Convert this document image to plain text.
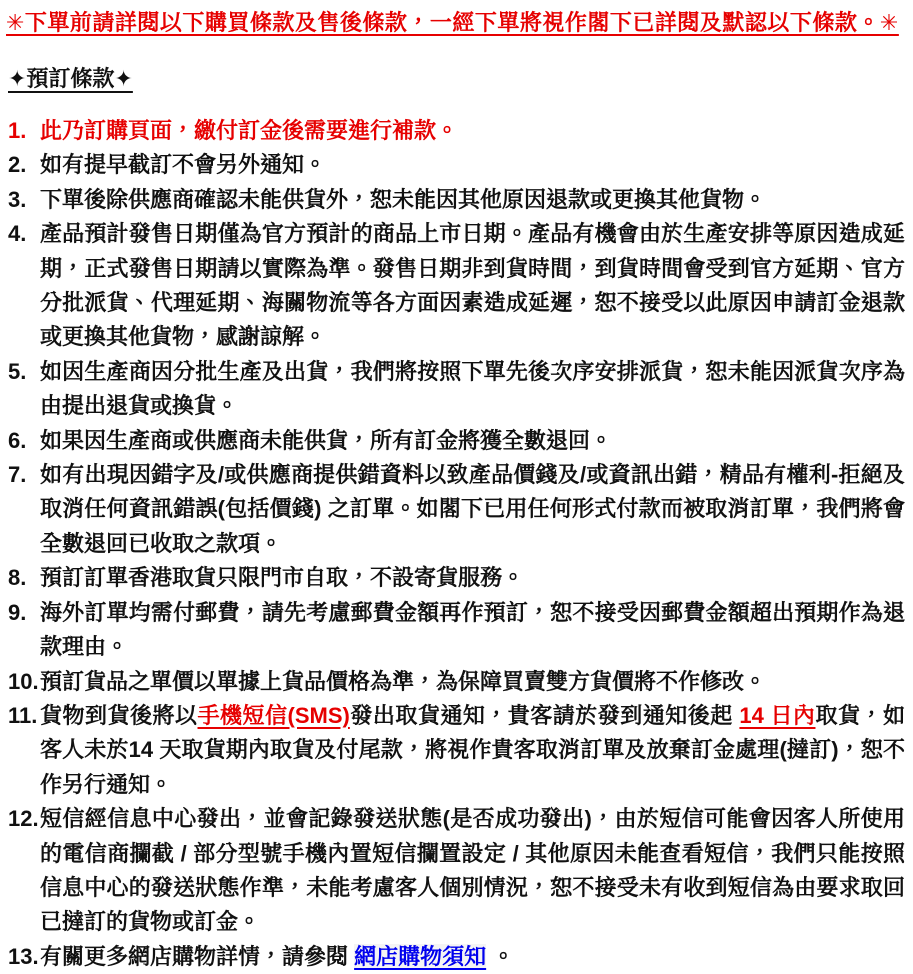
✳下單前請詳閱以下購買條款及售後條款，一經下單將視作閣下已詳閱及默認以下條款。✳
✦預訂條款✦
1. 此乃訂購頁面，繳付訂金後需要進行補款。
2. 如有提早截訂不會另外通知。
3. 下單後除供應商確認未能供貨外，恕未能因其他原因退款或更換其他貨物。
4. 產品預計發售日期僅為官方預計的商品上市日期。產品有機會由於生產安排等原因造成延期，正式發售日期請以實際為準。發售日期非到貨時間，到貨時間會受到官方延期、官方分批派貨、代理延期、海關物流等各方面因素造成延遲，恕不接受以此原因申請訂金退款或更換其他貨物，感謝諒解。
5. 如因生產商因分批生產及出貨，我們將按照下單先後次序安排派貨，恕未能因派貨次序為由提出退貨或換貨。
6. 如果因生產商或供應商未能供貨，所有訂金將獲全數退回。
7. 如有出現因錯字及/或供應商提供錯資料以致產品價錢及/或資訊出錯，精品有權利-拒絕及取消任何資訊錯誤(包括價錢) 之訂單。如閣下已用任何形式付款而被取消訂單，我們將會全數退回已收取之款項。
8. 預訂訂單香港取貨只限門市自取，不設寄貨服務。
9. 海外訂單均需付郵費，請先考慮郵費金額再作預訂，恕不接受因郵費金額超出預期作為退款理由。
10. 預訂貨品之單價以單據上貨品價格為準，為保障買賣雙方貨價將不作修改。
11. 貨物到貨後將以手機短信(SMS)發出取貨通知，貴客請於發到通知後起 14 日內取貨，如客人未於14 天取貨期內取貨及付尾款，將視作貴客取消訂單及放棄訂金處理(撻訂)，恕不作另行通知。
12. 短信經信息中心發出，並會記錄發送狀態(是否成功發出)，由於短信可能會因客人所使用的電信商攔截 / 部分型號手機內置短信攔置設定 / 其他原因未能查看短信，我們只能按照信息中心的發送狀態作準，未能考慮客人個別情況，恕不接受未有收到短信為由要求取回已撻訂的貨物或訂金。
13. 有關更多網店購物詳情，請參閱 網店購物須知 。
